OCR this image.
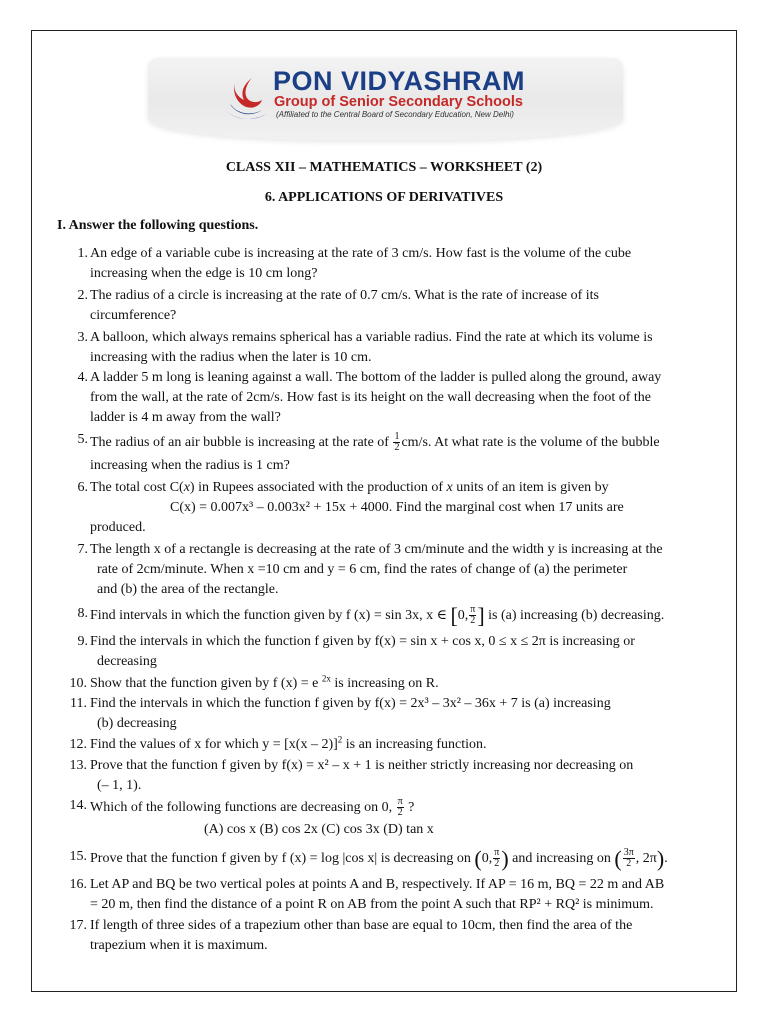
PON VIDYASHRAM
Group of Senior Secondary Schools
(Affiliated to the Central Board of Secondary Education, New Delhi)
CLASS XII – MATHEMATICS – WORKSHEET (2)
6. APPLICATIONS OF DERIVATIVES
I. Answer the following questions.
1. An edge of a variable cube is increasing at the rate of 3 cm/s. How fast is the volume of the cube
increasing when the edge is 10 cm long?
2. The radius of a circle is increasing at the rate of 0.7 cm/s. What is the rate of increase of its
circumference?
3. A balloon, which always remains spherical has a variable radius. Find the rate at which its volume is
increasing with the radius when the later is 10 cm.
4. A ladder 5 m long is leaning against a wall. The bottom of the ladder is pulled along the ground, away
from the wall, at the rate of 2cm/s. How fast is its height on the wall decreasing when the foot of the
ladder is 4 m away from the wall?
5. The radius of an air bubble is increasing at the rate of $\frac{1}{2} cm/s$. At what rate is the volume of the bubble
increasing when the radius is 1 cm?
6. The total cost C(x) in Rupees associated with the production of x units of an item is given by
C(x) = 0.007x³ – 0.003x² + 15x + 4000. Find the marginal cost when 17 units are
produced.
7. The length x of a rectangle is decreasing at the rate of 3 cm/minute and the width y is increasing at the
rate of 2cm/minute. When x =10 cm and y = 6 cm, find the rates of change of (a) the perimeter
and (b) the area of the rectangle.
8. Find intervals in which the function given by f (x) = sin 3x, x ∈ [0, $\frac{\pi}{2}$ ] is (a) increasing (b) decreasing.
9. Find the intervals in which the function f given by f(x) = sin x + cos x, 0 ≤ x ≤ 2π is increasing or
decreasing
10. Show that the function given by f (x) = e $^{2x}$ is increasing on R.
11. Find the intervals in which the function f given by f(x) = 2x³ – 3x² – 36x + 7 is (a) increasing
(b) decreasing
12. Find the values of x for which y = [x(x – 2)]$^2$ is an increasing function.
13. Prove that the function f given by f(x) = x² – x + 1 is neither strictly increasing nor decreasing on
(– 1, 1).
14. Which of the following functions are decreasing on 0, $\frac{\pi}{2}$ ?
(A) cos x (B) cos 2x (C) cos 3x (D) tan x
15. Prove that the function f given by f (x) = log |cos x| is decreasing on (0, $\frac{\pi}{2}$ ) and increasing on ( $\frac{3\pi}{2}$ , 2π).
16. Let AP and BQ be two vertical poles at points A and B, respectively. If AP = 16 m, BQ = 22 m and AB
= 20 m, then find the distance of a point R on AB from the point A such that RP² + RQ² is minimum.
17. If length of three sides of a trapezium other than base are equal to 10cm, then find the area of the
trapezium when it is maximum.
